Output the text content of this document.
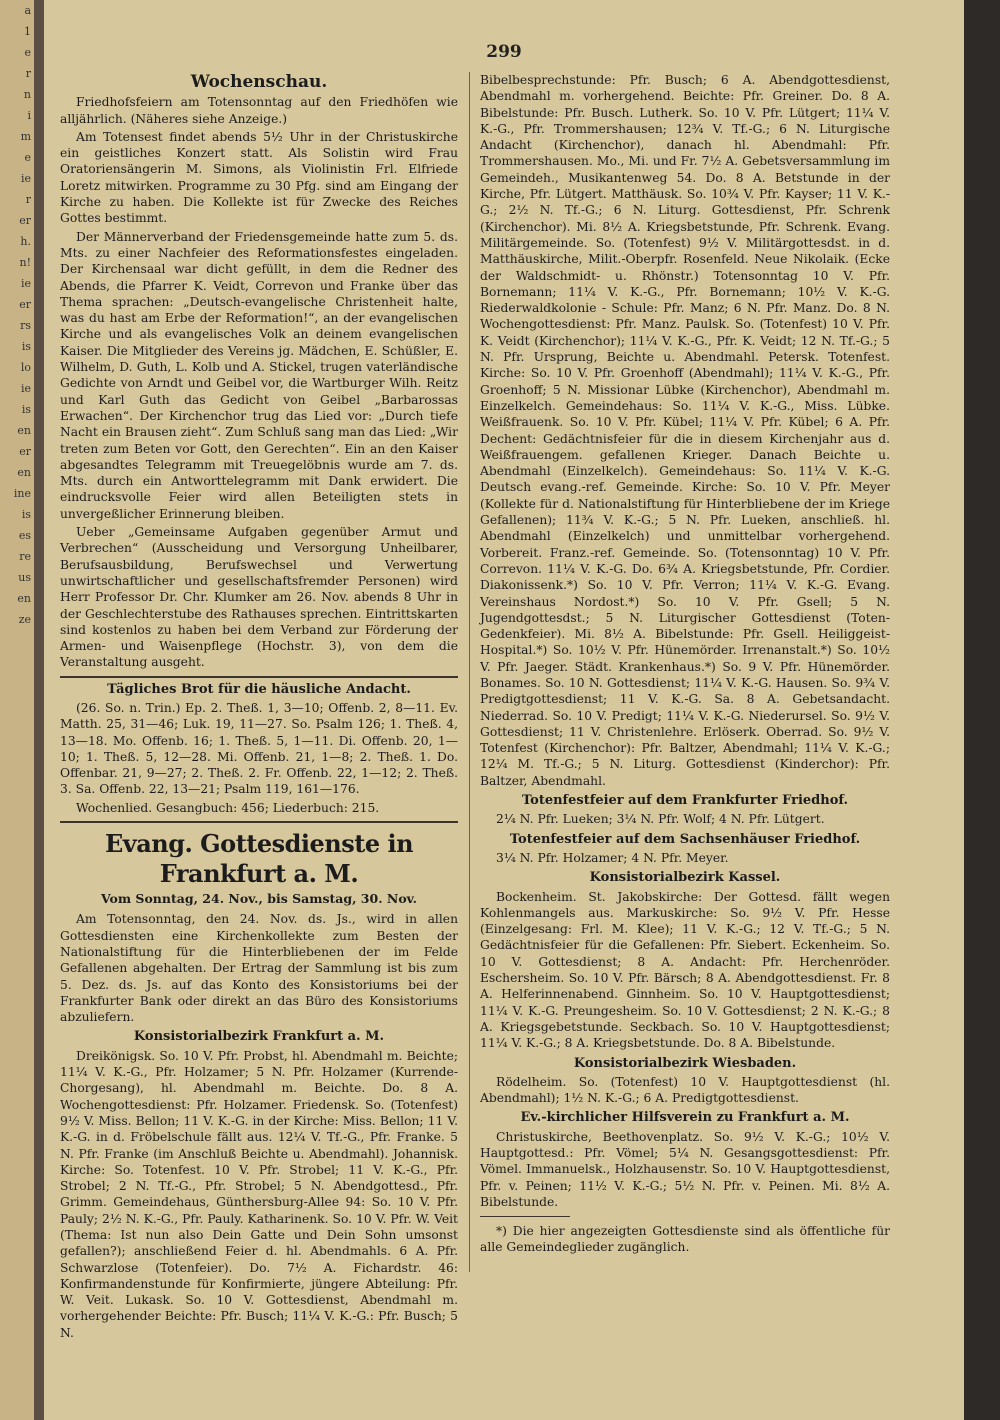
a
1
e
r
n
i
m
e
ie
r
er
h.
n!
ie
er
rs
is
lo
ie
is
en
er
en
ine
is
es
re
us
en
ze
299
Wochenschau.

Friedhofsfeiern am Totensonntag auf den Friedhöfen wie alljährlich. (Näheres siehe Anzeige.)

Am Totensest findet abends 5½ Uhr in der Christuskirche ein geistliches Konzert statt. Als Solistin wird Frau Oratoriensängerin M. Simons, als Violinistin Frl. Elfriede Loretz mitwirken. Programme zu 30 Pfg. sind am Eingang der Kirche zu haben. Die Kollekte ist für Zwecke des Reiches Gottes bestimmt.

Der Männerverband der Friedensgemeinde hatte zum 5. ds. Mts. zu einer Nachfeier des Reformationsfestes eingeladen. Der Kirchensaal war dicht gefüllt, in dem die Redner des Abends, die Pfarrer K. Veidt, Correvon und Franke über das Thema sprachen: „Deutsch-evangelische Christenheit halte, was du hast am Erbe der Reformation!“, an der evangelischen Kirche und als evangelisches Volk an deinem evangelischen Kaiser. Die Mitglieder des Vereins jg. Mädchen, E. Schüßler, E. Wilhelm, D. Guth, L. Kolb und A. Stickel, trugen vaterländische Gedichte von Arndt und Geibel vor, die Wartburger Wilh. Reitz und Karl Guth das Gedicht von Geibel „Barbarossas Erwachen“. Der Kirchenchor trug das Lied vor: „Durch tiefe Nacht ein Brausen zieht“. Zum Schluß sang man das Lied: „Wir treten zum Beten vor Gott, den Gerechten“. Ein an den Kaiser abgesandtes Telegramm mit Treuegelöbnis wurde am 7. ds. Mts. durch ein Antworttelegramm mit Dank erwidert. Die eindrucksvolle Feier wird allen Beteiligten stets in unvergeßlicher Erinnerung bleiben.

Ueber „Gemeinsame Aufgaben gegenüber Armut und Verbrechen“ (Ausscheidung und Versorgung Unheilbarer, Berufsausbildung, Berufswechsel und Verwertung unwirtschaftlicher und gesellschaftsfremder Personen) wird Herr Professor Dr. Chr. Klumker am 26. Nov. abends 8 Uhr in der Geschlechterstube des Rathauses sprechen. Eintrittskarten sind kostenlos zu haben bei dem Verband zur Förderung der Armen- und Waisenpflege (Hochstr. 3), von dem die Veranstaltung ausgeht.

Tägliches Brot für die häusliche Andacht.

(26. So. n. Trin.) Ep. 2. Theß. 1, 3—10; Offenb. 2, 8—11. Ev. Matth. 25, 31—46; Luk. 19, 11—27. So. Psalm 126; 1. Theß. 4, 13—18. Mo. Offenb. 16; 1. Theß. 5, 1—11. Di. Offenb. 20, 1—10; 1. Theß. 5, 12—28. Mi. Offenb. 21, 1—8; 2. Theß. 1. Do. Offenbar. 21, 9—27; 2. Theß. 2. Fr. Offenb. 22, 1—12; 2. Theß. 3. Sa. Offenb. 22, 13—21; Psalm 119, 161—176.

Wochenlied. Gesangbuch: 456; Liederbuch: 215.

Evang. Gottesdienste in Frankfurt a. M.
Vom Sonntag, 24. Nov., bis Samstag, 30. Nov.

Am Totensonntag, den 24. Nov. ds. Js., wird in allen Gottesdiensten eine Kirchenkollekte zum Besten der Nationalstiftung für die Hinterbliebenen der im Felde Gefallenen abgehalten. Der Ertrag der Sammlung ist bis zum 5. Dez. ds. Js. auf das Konto des Konsistoriums bei der Frankfurter Bank oder direkt an das Büro des Konsistoriums abzuliefern.

Konsistorialbezirk Frankfurt a. M.

Dreikönigsk. So. 10 V. Pfr. Probst, hl. Abendmahl m. Beichte; 11¼ V. K.-G., Pfr. Holzamer; 5 N. Pfr. Holzamer (Kurrende-Chorgesang), hl. Abendmahl m. Beichte. Do. 8 A. Wochengottesdienst: Pfr. Holzamer. Friedensk. So. (Totenfest) 9½ V. Miss. Bellon; 11 V. K.-G. in der Kirche: Miss. Bellon; 11 V. K.-G. in d. Fröbelschule fällt aus. 12¼ V. Tf.-G., Pfr. Franke. 5 N. Pfr. Franke (im Anschluß Beichte u. Abendmahl). Johannisk. Kirche: So. Totenfest. 10 V. Pfr. Strobel; 11 V. K.-G., Pfr. Strobel; 2 N. Tf.-G., Pfr. Strobel; 5 N. Abendgottesd., Pfr. Grimm. Gemeindehaus, Günthersburg-Allee 94: So. 10 V. Pfr. Pauly; 2½ N. K.-G., Pfr. Pauly. Katharinenk. So. 10 V. Pfr. W. Veit (Thema: Ist nun also Dein Gatte und Dein Sohn umsonst gefallen?); anschließend Feier d. hl. Abendmahls. 6 A. Pfr. Schwarzlose (Totenfeier). Do. 7½ A. Fichardstr. 46: Konfirmandenstunde für Konfirmierte, jüngere Abteilung: Pfr. W. Veit. Lukask. So. 10 V. Gottesdienst, Abendmahl m. vorhergehender Beichte: Pfr. Busch; 11¼ V. K.-G.: Pfr. Busch; 5 N.

Bibelbesprechstunde: Pfr. Busch; 6 A. Abendgottesdienst, Abendmahl m. vorhergehend. Beichte: Pfr. Greiner. Do. 8 A. Bibelstunde: Pfr. Busch. Lutherk. So. 10 V. Pfr. Lütgert; 11¼ V. K.-G., Pfr. Trommershausen; 12¾ V. Tf.-G.; 6 N. Liturgische Andacht (Kirchenchor), danach hl. Abendmahl: Pfr. Trommershausen. Mo., Mi. und Fr. 7½ A. Gebetsversammlung im Gemeindeh., Musikantenweg 54. Do. 8 A. Betstunde in der Kirche, Pfr. Lütgert. Matthäusk. So. 10¾ V. Pfr. Kayser; 11 V. K.-G.; 2½ N. Tf.-G.; 6 N. Liturg. Gottesdienst, Pfr. Schrenk (Kirchenchor). Mi. 8½ A. Kriegsbetstunde, Pfr. Schrenk. Evang. Militärgemeinde. So. (Totenfest) 9½ V. Militärgottesdst. in d. Matthäuskirche, Milit.-Oberpfr. Rosenfeld. Neue Nikolaik. (Ecke der Waldschmidt- u. Rhönstr.) Totensonntag 10 V. Pfr. Bornemann; 11¼ V. K.-G., Pfr. Bornemann; 10½ V. K.-G. Riederwaldkolonie - Schule: Pfr. Manz; 6 N. Pfr. Manz. Do. 8 N. Wochengottesdienst: Pfr. Manz. Paulsk. So. (Totenfest) 10 V. Pfr. K. Veidt (Kirchenchor); 11¼ V. K.-G., Pfr. K. Veidt; 12 N. Tf.-G.; 5 N. Pfr. Ursprung, Beichte u. Abendmahl. Petersk. Totenfest. Kirche: So. 10 V. Pfr. Groenhoff (Abendmahl); 11¼ V. K.-G., Pfr. Groenhoff; 5 N. Missionar Lübke (Kirchenchor), Abendmahl m. Einzelkelch. Gemeindehaus: So. 11¼ V. K.-G., Miss. Lübke. Weißfrauenk. So. 10 V. Pfr. Kübel; 11¼ V. Pfr. Kübel; 6 A. Pfr. Dechent: Gedächtnisfeier für die in diesem Kirchenjahr aus d. Weißfrauengem. gefallenen Krieger. Danach Beichte u. Abendmahl (Einzelkelch). Gemeindehaus: So. 11¼ V. K.-G. Deutsch evang.-ref. Gemeinde. Kirche: So. 10 V. Pfr. Meyer (Kollekte für d. Nationalstiftung für Hinterbliebene der im Kriege Gefallenen); 11¾ V. K.-G.; 5 N. Pfr. Lueken, anschließ. hl. Abendmahl (Einzelkelch) und unmittelbar vorhergehend. Vorbereit. Franz.-ref. Gemeinde. So. (Totensonntag) 10 V. Pfr. Correvon. 11¼ V. K.-G. Do. 6¾ A. Kriegsbetstunde, Pfr. Cordier. Diakonissenk.*) So. 10 V. Pfr. Verron; 11¼ V. K.-G. Evang. Vereinshaus Nordost.*) So. 10 V. Pfr. Gsell; 5 N. Jugendgottesdst.; 5 N. Liturgischer Gottesdienst (Toten-Gedenkfeier). Mi. 8½ A. Bibelstunde: Pfr. Gsell. Heiliggeist-Hospital.*) So. 10½ V. Pfr. Hünemörder. Irrenanstalt.*) So. 10½ V. Pfr. Jaeger. Städt. Krankenhaus.*) So. 9 V. Pfr. Hünemörder. Bonames. So. 10 N. Gottesdienst; 11¼ V. K.-G. Hausen. So. 9¾ V. Predigtgottesdienst; 11 V. K.-G. Sa. 8 A. Gebetsandacht. Niederrad. So. 10 V. Predigt; 11¼ V. K.-G. Niederursel. So. 9½ V. Gottesdienst; 11 V. Christenlehre. Erlöserk. Oberrad. So. 9½ V. Totenfest (Kirchenchor): Pfr. Baltzer, Abendmahl; 11¼ V. K.-G.; 12¼ M. Tf.-G.; 5 N. Liturg. Gottesdienst (Kinderchor): Pfr. Baltzer, Abendmahl.

Totenfestfeier auf dem Frankfurter Friedhof.

2¼ N. Pfr. Lueken; 3¼ N. Pfr. Wolf; 4 N. Pfr. Lütgert.

Totenfestfeier auf dem Sachsenhäuser Friedhof.

3¼ N. Pfr. Holzamer; 4 N. Pfr. Meyer.

Konsistorialbezirk Kassel.

Bockenheim. St. Jakobskirche: Der Gottesd. fällt wegen Kohlenmangels aus. Markuskirche: So. 9½ V. Pfr. Hesse (Einzelgesang: Frl. M. Klee); 11 V. K.-G.; 12 V. Tf.-G.; 5 N. Gedächtnisfeier für die Gefallenen: Pfr. Siebert. Eckenheim. So. 10 V. Gottesdienst; 8 A. Andacht: Pfr. Herchenröder. Eschersheim. So. 10 V. Pfr. Bärsch; 8 A. Abendgottesdienst. Fr. 8 A. Helferinnenabend. Ginnheim. So. 10 V. Hauptgottesdienst; 11¼ V. K.-G. Preungesheim. So. 10 V. Gottesdienst; 2 N. K.-G.; 8 A. Kriegsgebetstunde. Seckbach. So. 10 V. Hauptgottesdienst; 11¼ V. K.-G.; 8 A. Kriegsbetstunde. Do. 8 A. Bibelstunde.

Konsistorialbezirk Wiesbaden.

Rödelheim. So. (Totenfest) 10 V. Hauptgottesdienst (hl. Abendmahl); 1½ N. K.-G.; 6 A. Predigtgottesdienst.

Ev.-kirchlicher Hilfsverein zu Frankfurt a. M.

Christuskirche, Beethovenplatz. So. 9½ V. K.-G.; 10½ V. Hauptgottesd.: Pfr. Vömel; 5¼ N. Gesangsgottesdienst: Pfr. Vömel. Immanuelsk., Holzhausenstr. So. 10 V. Hauptgottesdienst, Pfr. v. Peinen; 11½ V. K.-G.; 5½ N. Pfr. v. Peinen. Mi. 8½ A. Bibelstunde.

*) Die hier angezeigten Gottesdienste sind als öffentliche für alle Gemeindeglieder zugänglich.
